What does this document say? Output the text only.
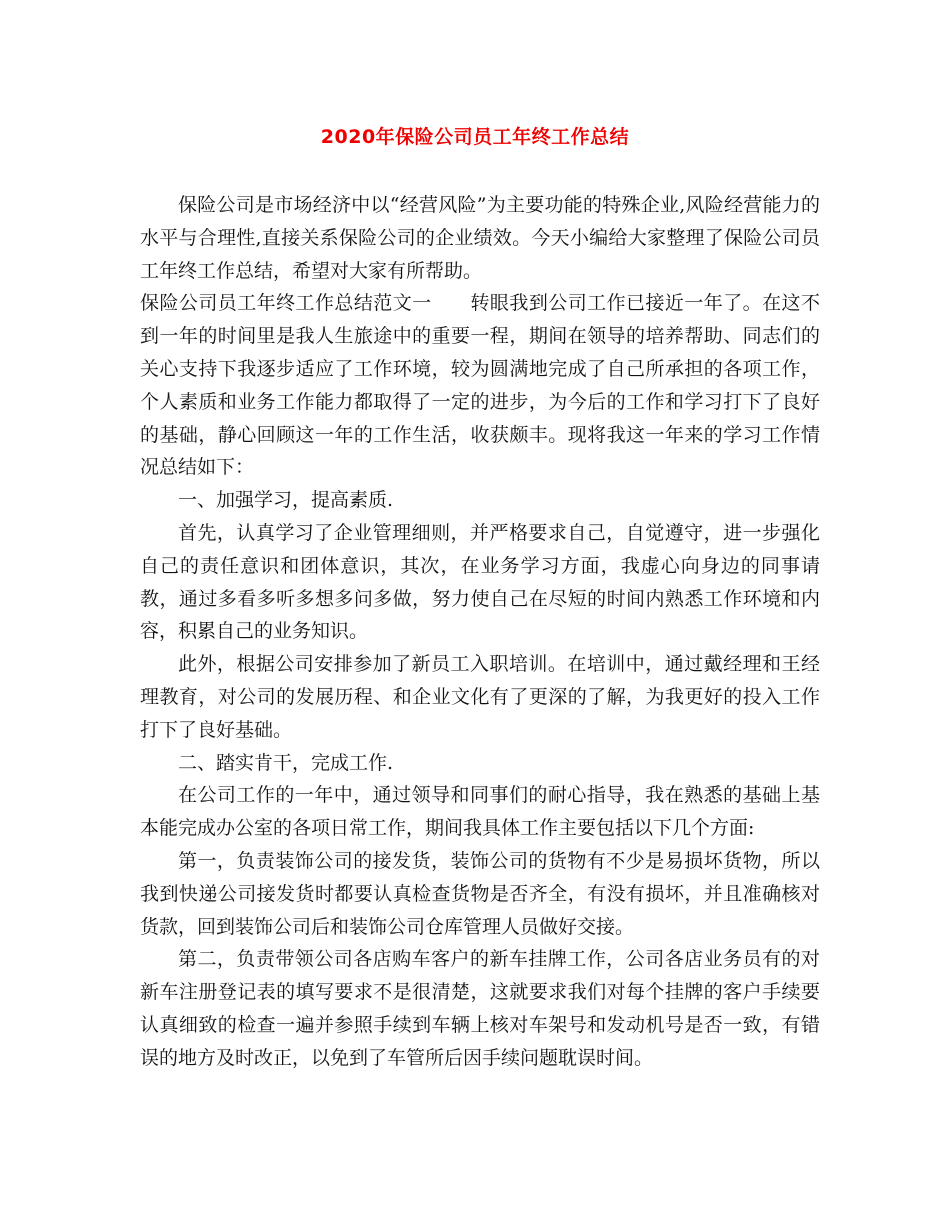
2020年保险公司员工年终工作总结

保险公司是市场经济中以“经营风险”为主要功能的特殊企业,风险经营能力的水平与合理性,直接关系保险公司的企业绩效。今天小编给大家整理了保险公司员工年终工作总结，希望对大家有所帮助。

保险公司员工年终工作总结范文一　　转眼我到公司工作已接近一年了。在这不到一年的时间里是我人生旅途中的重要一程，期间在领导的培养帮助、同志们的关心支持下我逐步适应了工作环境，较为圆满地完成了自己所承担的各项工作，个人素质和业务工作能力都取得了一定的进步，为今后的工作和学习打下了良好的基础，静心回顾这一年的工作生活，收获颇丰。现将我这一年来的学习工作情况总结如下：

一、加强学习，提高素质.

首先，认真学习了企业管理细则，并严格要求自己，自觉遵守，进一步强化自己的责任意识和团体意识，其次，在业务学习方面，我虚心向身边的同事请教，通过多看多听多想多问多做，努力使自己在尽短的时间内熟悉工作环境和内容，积累自己的业务知识。

此外，根据公司安排参加了新员工入职培训。在培训中，通过戴经理和王经理教育，对公司的发展历程、和企业文化有了更深的了解，为我更好的投入工作打下了良好基础。

二、踏实肯干，完成工作.

在公司工作的一年中，通过领导和同事们的耐心指导，我在熟悉的基础上基本能完成办公室的各项日常工作，期间我具体工作主要包括以下几个方面:

第一，负责装饰公司的接发货，装饰公司的货物有不少是易损坏货物，所以我到快递公司接发货时都要认真检查货物是否齐全，有没有损坏，并且准确核对货款，回到装饰公司后和装饰公司仓库管理人员做好交接。

第二，负责带领公司各店购车客户的新车挂牌工作，公司各店业务员有的对新车注册登记表的填写要求不是很清楚，这就要求我们对每个挂牌的客户手续要认真细致的检查一遍并参照手续到车辆上核对车架号和发动机号是否一致，有错误的地方及时改正，以免到了车管所后因手续问题耽误时间。
